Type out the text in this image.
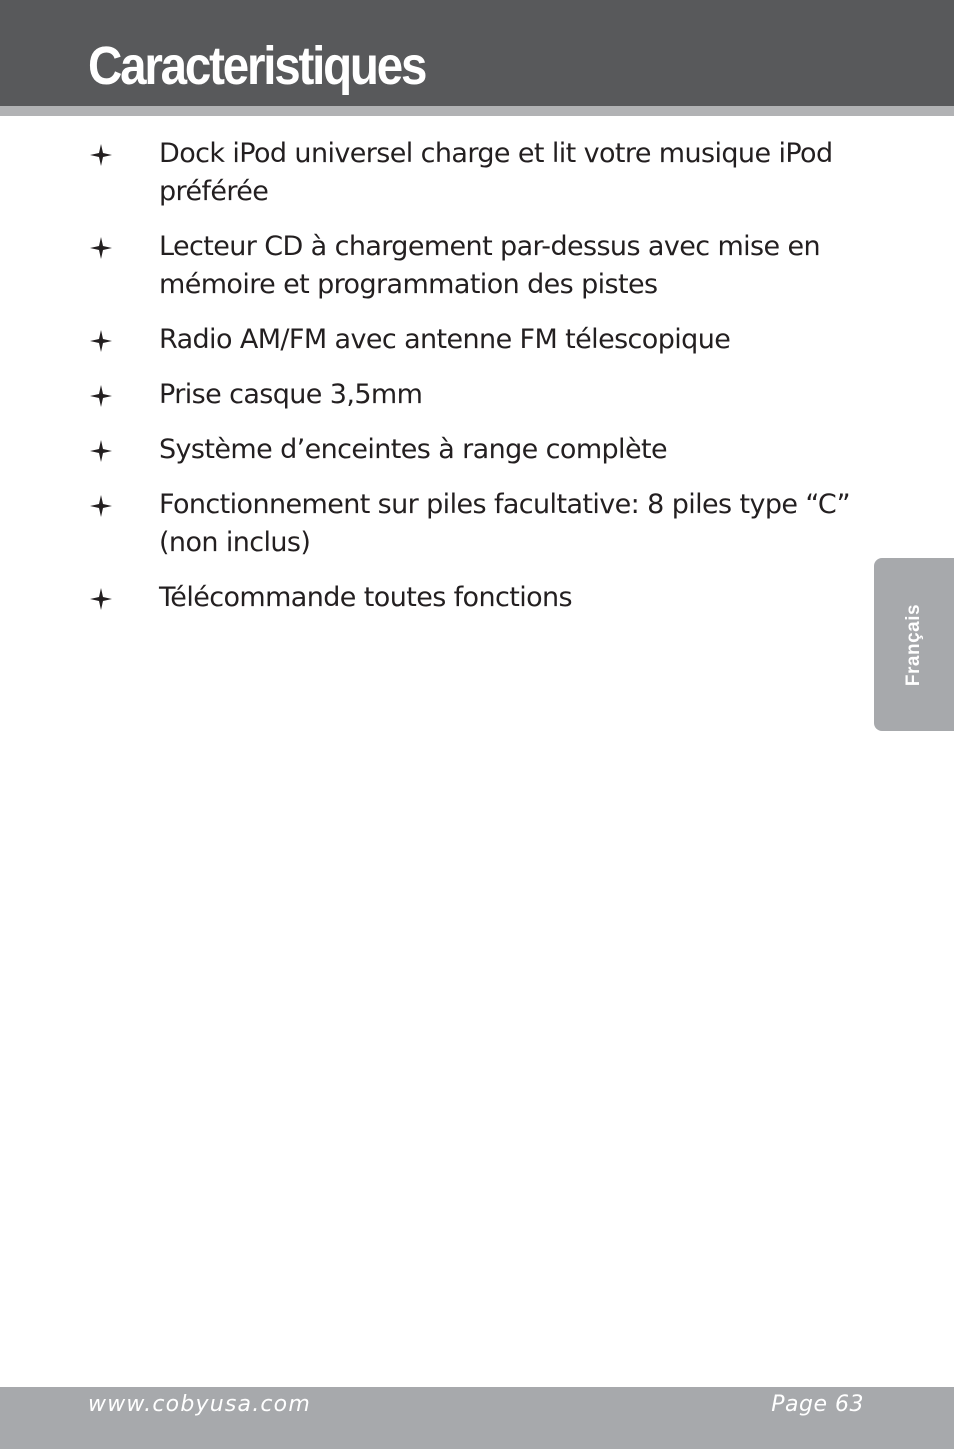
Caracteristiques
Dock iPod universel charge et lit votre musique iPod préférée
Lecteur CD à chargement par-dessus avec mise en mémoire et programmation des pistes
Radio AM/FM avec antenne FM télescopique
Prise casque 3,5mm
Système d’enceintes à range complète
Fonctionnement sur piles facultative: 8 piles type “C” (non inclus)
Télécommande toutes fonctions
Français
www.cobyusa.com	Page 63
